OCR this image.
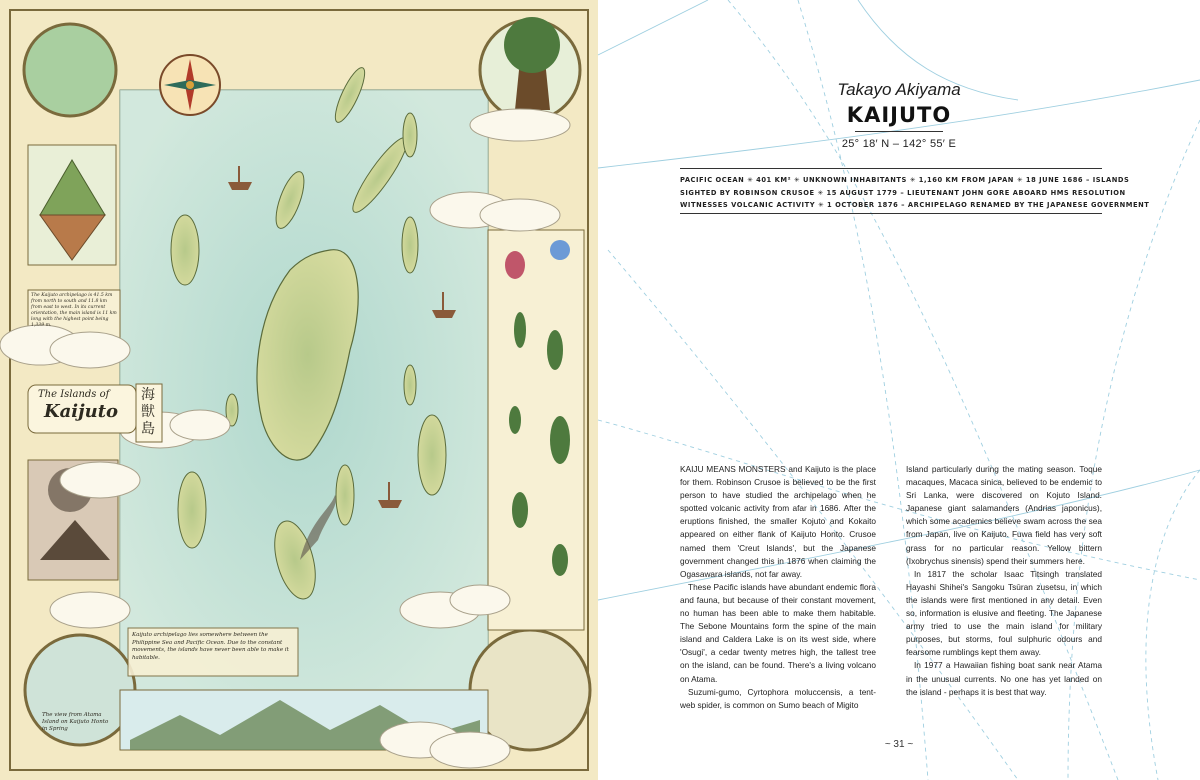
The Islands of
Kaijuto
海獣島
The Kaijuto archipelago is 41.5 km from north to south and 11.8 km from east to west. In its current orientation, the main island is 11 km long with the highest point being 1,339 m.
Kaijuto archipelago lies somewhere between the Philippine Sea and Pacific Ocean. Due to the constant movements, the islands have never been able to make it habitable.
The view from Atama Island on Kaijuto Honto in Spring
Takayo Akiyama
KAIJUTO
25° 18′ N – 142° 55′ E
PACIFIC OCEAN ✳ 401 KM² ✳ UNKNOWN INHABITANTS ✳ 1,160 KM FROM JAPAN ✳ 18 JUNE 1686 – ISLANDS
SIGHTED BY ROBINSON CRUSOE ✳ 15 AUGUST 1779 – LIEUTENANT JOHN GORE ABOARD HMS RESOLUTION
WITNESSES VOLCANIC ACTIVITY ✳ 1 OCTOBER 1876 – ARCHIPELAGO RENAMED BY THE JAPANESE GOVERNMENT

KAIJU MEANS MONSTERS and Kaijuto is the place for them. Robinson Crusoe is believed to be the first person to have studied the archipelago when he spotted volcanic activity from afar in 1686. After the eruptions finished, the smaller Kojuto and Kokaito appeared on either flank of Kaijuto Honto. Crusoe named them 'Creut Islands', but the Japanese government changed this in 1876 when claiming the Ogasawara islands, not far away.

These Pacific islands have abundant endemic flora and fauna, but because of their constant movement, no human has been able to make them habitable. The Sebone Mountains form the spine of the main island and Caldera Lake is on its west side, where 'Osugi', a cedar twenty metres high, the tallest tree on the island, can be found. There's a living volcano on Atama.

Suzumi-gumo, Cyrtophora moluccensis, a tent-web spider, is common on Sumo beach of Migito

Island particularly during the mating season. Toque macaques, Macaca sinica, believed to be endemic to Sri Lanka, were discovered on Kojuto Island. Japanese giant salamanders (Andrias japonicus), which some academics believe swam across the sea from Japan, live on Kaijuto. Fuwa field has very soft grass for no particular reason. Yellow bittern (Ixobrychus sinensis) spend their summers here.

In 1817 the scholar Isaac Titsingh translated Hayashi Shihei's Sangoku Tsūran zusetsu, in which the islands were first mentioned in any detail. Even so, information is elusive and fleeting. The Japanese army tried to use the main island for military purposes, but storms, foul sulphuric odours and fearsome rumblings kept them away.

In 1977 a Hawaiian fishing boat sank near Atama in the unusual currents. No one has yet landed on the island - perhaps it is best that way.

~ 31 ~
